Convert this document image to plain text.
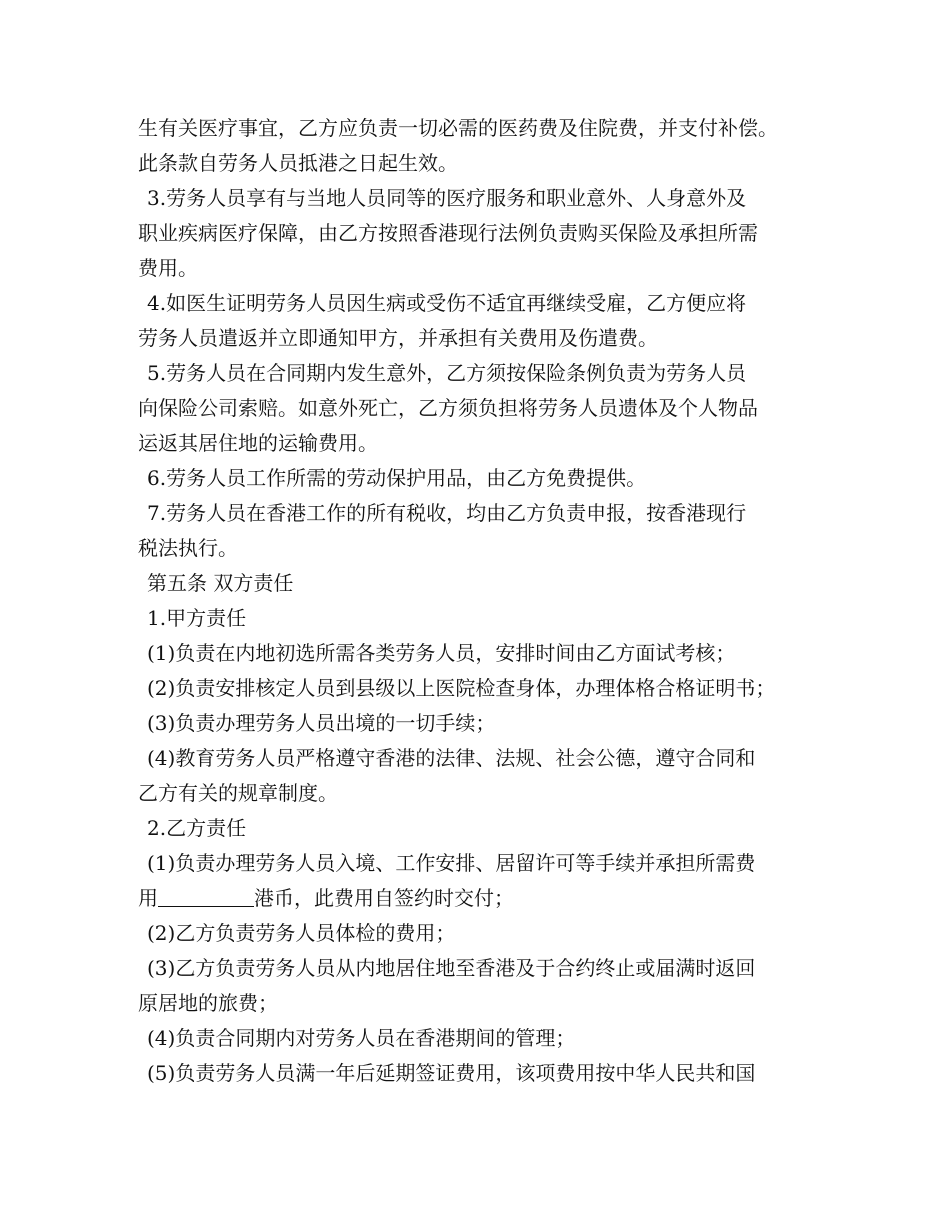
生有关医疗事宜，乙方应负责一切必需的医药费及住院费，并支付补偿。
此条款自劳务人员抵港之日起生效。
3.劳务人员享有与当地人员同等的医疗服务和职业意外、人身意外及
职业疾病医疗保障，由乙方按照香港现行法例负责购买保险及承担所需
费用。
4.如医生证明劳务人员因生病或受伤不适宜再继续受雇，乙方便应将
劳务人员遣返并立即通知甲方，并承担有关费用及伤遣费。
5.劳务人员在合同期内发生意外，乙方须按保险条例负责为劳务人员
向保险公司索赔。如意外死亡，乙方须负担将劳务人员遗体及个人物品
运返其居住地的运输费用。
6.劳务人员工作所需的劳动保护用品，由乙方免费提供。
7.劳务人员在香港工作的所有税收，均由乙方负责申报，按香港现行
税法执行。
第五条 双方责任
1.甲方责任
(1)负责在内地初选所需各类劳务人员，安排时间由乙方面试考核；
(2)负责安排核定人员到县级以上医院检查身体，办理体格合格证明书；
(3)负责办理劳务人员出境的一切手续；
(4)教育劳务人员严格遵守香港的法律、法规、社会公德，遵守合同和
乙方有关的规章制度。
2.乙方责任
(1)负责办理劳务人员入境、工作安排、居留许可等手续并承担所需费
用	港币，此费用自签约时交付；
(2)乙方负责劳务人员体检的费用；
(3)乙方负责劳务人员从内地居住地至香港及于合约终止或届满时返回
原居地的旅费；
(4)负责合同期内对劳务人员在香港期间的管理；
(5)负责劳务人员满一年后延期签证费用，该项费用按中华人民共和国
